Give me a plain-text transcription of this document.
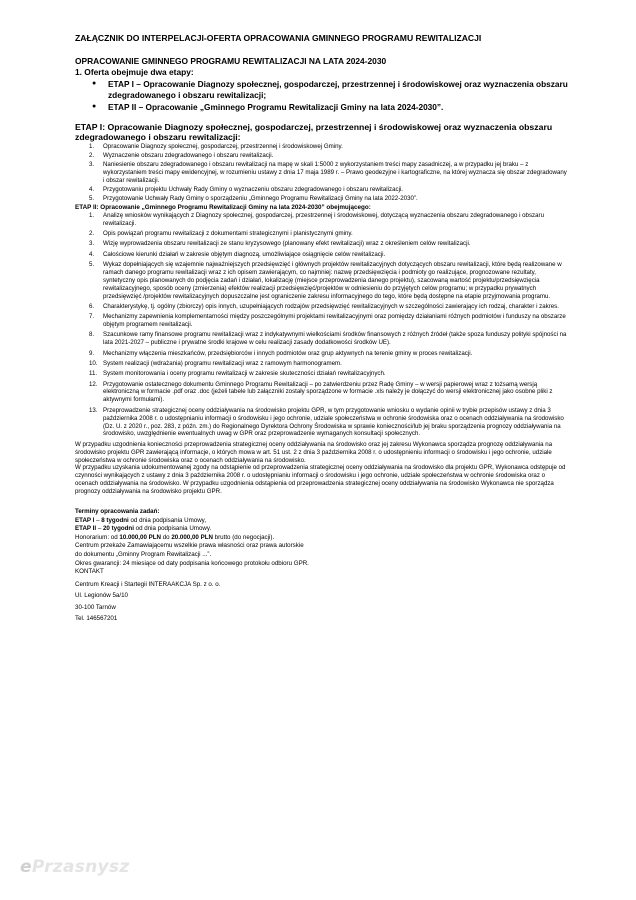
ZAŁĄCZNIK DO INTERPELACJI-OFERTA OPRACOWANIA GMINNEGO PROGRAMU REWITALIZACJI
OPRACOWANIE GMINNEGO PROGRAMU REWITALIZACJI NA LATA 2024-2030
1. Oferta obejmuje dwa etapy:
● ETAP I – Opracowanie Diagnozy społecznej, gospodarczej, przestrzennej i środowiskowej oraz wyznaczenia obszaru zdegradowanego i obszaru rewitalizacji;
● ETAP II – Opracowanie „Gminnego Programu Rewitalizacji Gminy na lata 2024-2030”.
ETAP I: Opracowanie Diagnozy społecznej, gospodarczej, przestrzennej i środowiskowej oraz wyznaczenia obszaru zdegradowanego i obszaru rewitalizacji:
1. Opracowanie Diagnozy społecznej, gospodarczej, przestrzennej i środowiskowej Gminy.
2. Wyznaczenie obszaru zdegradowanego i obszaru rewitalizacji.
3. Naniesienie obszaru zdegradowanego i obszaru rewitalizacji na mapę w skali 1:5000 z wykorzystaniem treści mapy zasadniczej, a w przypadku jej braku – z wykorzystaniem treści mapy ewidencyjnej, w rozumieniu ustawy z dnia 17 maja 1989 r. – Prawo geodezyjne i kartograficzne, na której wyznacza się obszar zdegradowany i obszar rewitalizacji.
4. Przygotowaniu projektu Uchwały Rady Gminy o wyznaczeniu obszaru zdegradowanego i obszaru rewitalizacji.
5. Przygotowanie Uchwały Rady Gminy o sporządzeniu „Gminnego Programu Rewitalizacji Gminy na lata 2022-2030”.
ETAP II: Opracowanie „Gminnego Programu Rewitalizacji Gminy na lata 2024-2030” obejmującego:
1. Analizę wniosków wynikających z Diagnozy społecznej, gospodarczej, przestrzennej i środowiskowej, dotyczącą wyznaczenia obszaru zdegradowanego i obszaru rewitalizacji.
2. Opis powiązań programu rewitalizacji z dokumentami strategicznymi i planistycznymi gminy.
3. Wizję wyprowadzenia obszaru rewitalizacji ze stanu kryzysowego (planowany efekt rewitalizacji) wraz z określeniem celów rewitalizacji.
4. Całościowe kierunki działań w zakresie objętym diagnozą, umożliwiające osiągnięcie celów rewitalizacji.
5. Wykaz dopełniających się wzajemnie najważniejszych przedsięwzięć i głównych projektów rewitalizacyjnych dotyczących obszaru rewitalizacji, które będą realizowane w ramach danego programu rewitalizacji wraz z ich opisem zawierającym, co najmniej: nazwę przedsięwzięcia i podmioty go realizujące, prognozowane rezultaty, syntetyczny opis planowanych do podjęcia zadań i działań, lokalizację (miejsce przeprowadzenia danego projektu), szacowaną wartość projektu/przedsięwzięcia rewitalizacyjnego, sposób oceny (zmierzenia) efektów realizacji przedsięwzięć/projektów w odniesieniu do przyjętych celów programu; w przypadku prywatnych przedsięwzięć /projektów rewitalizacyjnych dopuszczalne jest ograniczenie zakresu informacyjnego do tego, które będą dostępne na etapie przyjmowania programu.
6. Charakterystykę, tj. ogólny (zbiorczy) opis innych, uzupełniających rodzajów przedsięwzięć rewitalizacyjnych w szczególności zawierający ich rodzaj, charakter i zakres.
7. Mechanizmy zapewnienia komplementarności między poszczególnymi projektami rewitalizacyjnymi oraz pomiędzy działaniami różnych podmiotów i funduszy na obszarze objętym programem rewitalizacji.
8. Szacunkowe ramy finansowe programu rewitalizacji wraz z indykatywnymi wielkościami środków finansowych z różnych źródeł (także spoza funduszy polityki spójności na lata 2021-2027 – publiczne i prywatne środki krajowe w celu realizacji zasady dodatkowości środków UE).
9. Mechanizmy włączenia mieszkańców, przedsiębiorców i innych podmiotów oraz grup aktywnych na terenie gminy w proces rewitalizacji.
10. System realizacji (wdrażania) programu rewitalizacji wraz z ramowym harmonogramem.
11. System monitorowania i oceny programu rewitalizacji w zakresie skuteczności działań rewitalizacyjnych.
12. Przygotowanie ostatecznego dokumentu Gminnego Programu Rewitalizacji – po zatwierdzeniu przez Radę Gminy – w wersji papierowej wraz z tożsamą wersją elektroniczną w formacie .pdf oraz .doc (jeżeli tabele lub załączniki zostały sporządzone w formacie .xls należy je dołączyć do wersji elektronicznej jako osobne pliki z aktywnymi formułami).
13. Przeprowadzenie strategicznej oceny oddziaływania na środowisko projektu GPR, w tym przygotowanie wniosku o wydanie opinii w trybie przepisów ustawy z dnia 3 października 2008 r. o udostępnianiu informacji o środowisku i jego ochronie, udziale społeczeństwa w ochronie środowiska oraz o ocenach oddziaływania na środowisko (Dz. U. z 2020 r., poz. 283, z późn. zm.) do Regionalnego Dyrektora Ochrony Środowiska w sprawie konieczności/lub jej braku sporządzenia prognozy oddziaływania na środowisko, uwzględnienie ewentualnych uwag w GPR oraz przeprowadzenie wymaganych konsultacji społecznych.

W przypadku uzgodnienia konieczności przeprowadzenia strategicznej oceny oddziaływania na środowisko oraz jej zakresu Wykonawca sporządza prognozę oddziaływania na środowisko projektu GPR zawierającą informacje, o których mowa w art. 51 ust. 2 z dnia 3 października 2008 r. o udostępnieniu informacji o środowisku i jego ochronie, udziale społeczeństwa w ochronie środowiska oraz o ocenach oddziaływania na środowisko.

W przypadku uzyskania udokumentowanej zgody na odstąpienie od przeprowadzenia strategicznej oceny oddziaływania na środowisko dla projektu GPR, Wykonawca odstępuje od czynności wynikających z ustawy z dnia 3 października 2008 r. o udostępnianiu informacji o środowisku i jego ochronie, udziale społeczeństwa w ochronie środowiska oraz o ocenach oddziaływania na środowisko. W przypadku uzgodnienia odstąpienia od przeprowadzenia strategicznej oceny oddziaływania na środowisko Wykonawca nie sporządza prognozy oddziaływania na środowisko projektu GPR.

Terminy opracowania zadań:
ETAP I – 8 tygodni od dnia podpisania Umowy,
ETAP II – 20 tygodni od dnia podpisania Umowy.
Honorarium: od 10.000,00 PLN do 20.000,00 PLN brutto (do negocjacji).
Centrum przekaże Zamawiającemu wszelkie prawa własności oraz prawa autorskie
do dokumentu „Gminny Program Rewitalizacji ...”.
Okres gwarancji: 24 miesiące od daty podpisania końcowego protokołu odbioru GPR.
KONTAKT
Centrum Kreacji i Startegii INTERAAKCJA Sp. z o. o.
Ul. Legionów 5a/10
30-100 Tarnów
Tel. 146567201
ePrzasnysz
